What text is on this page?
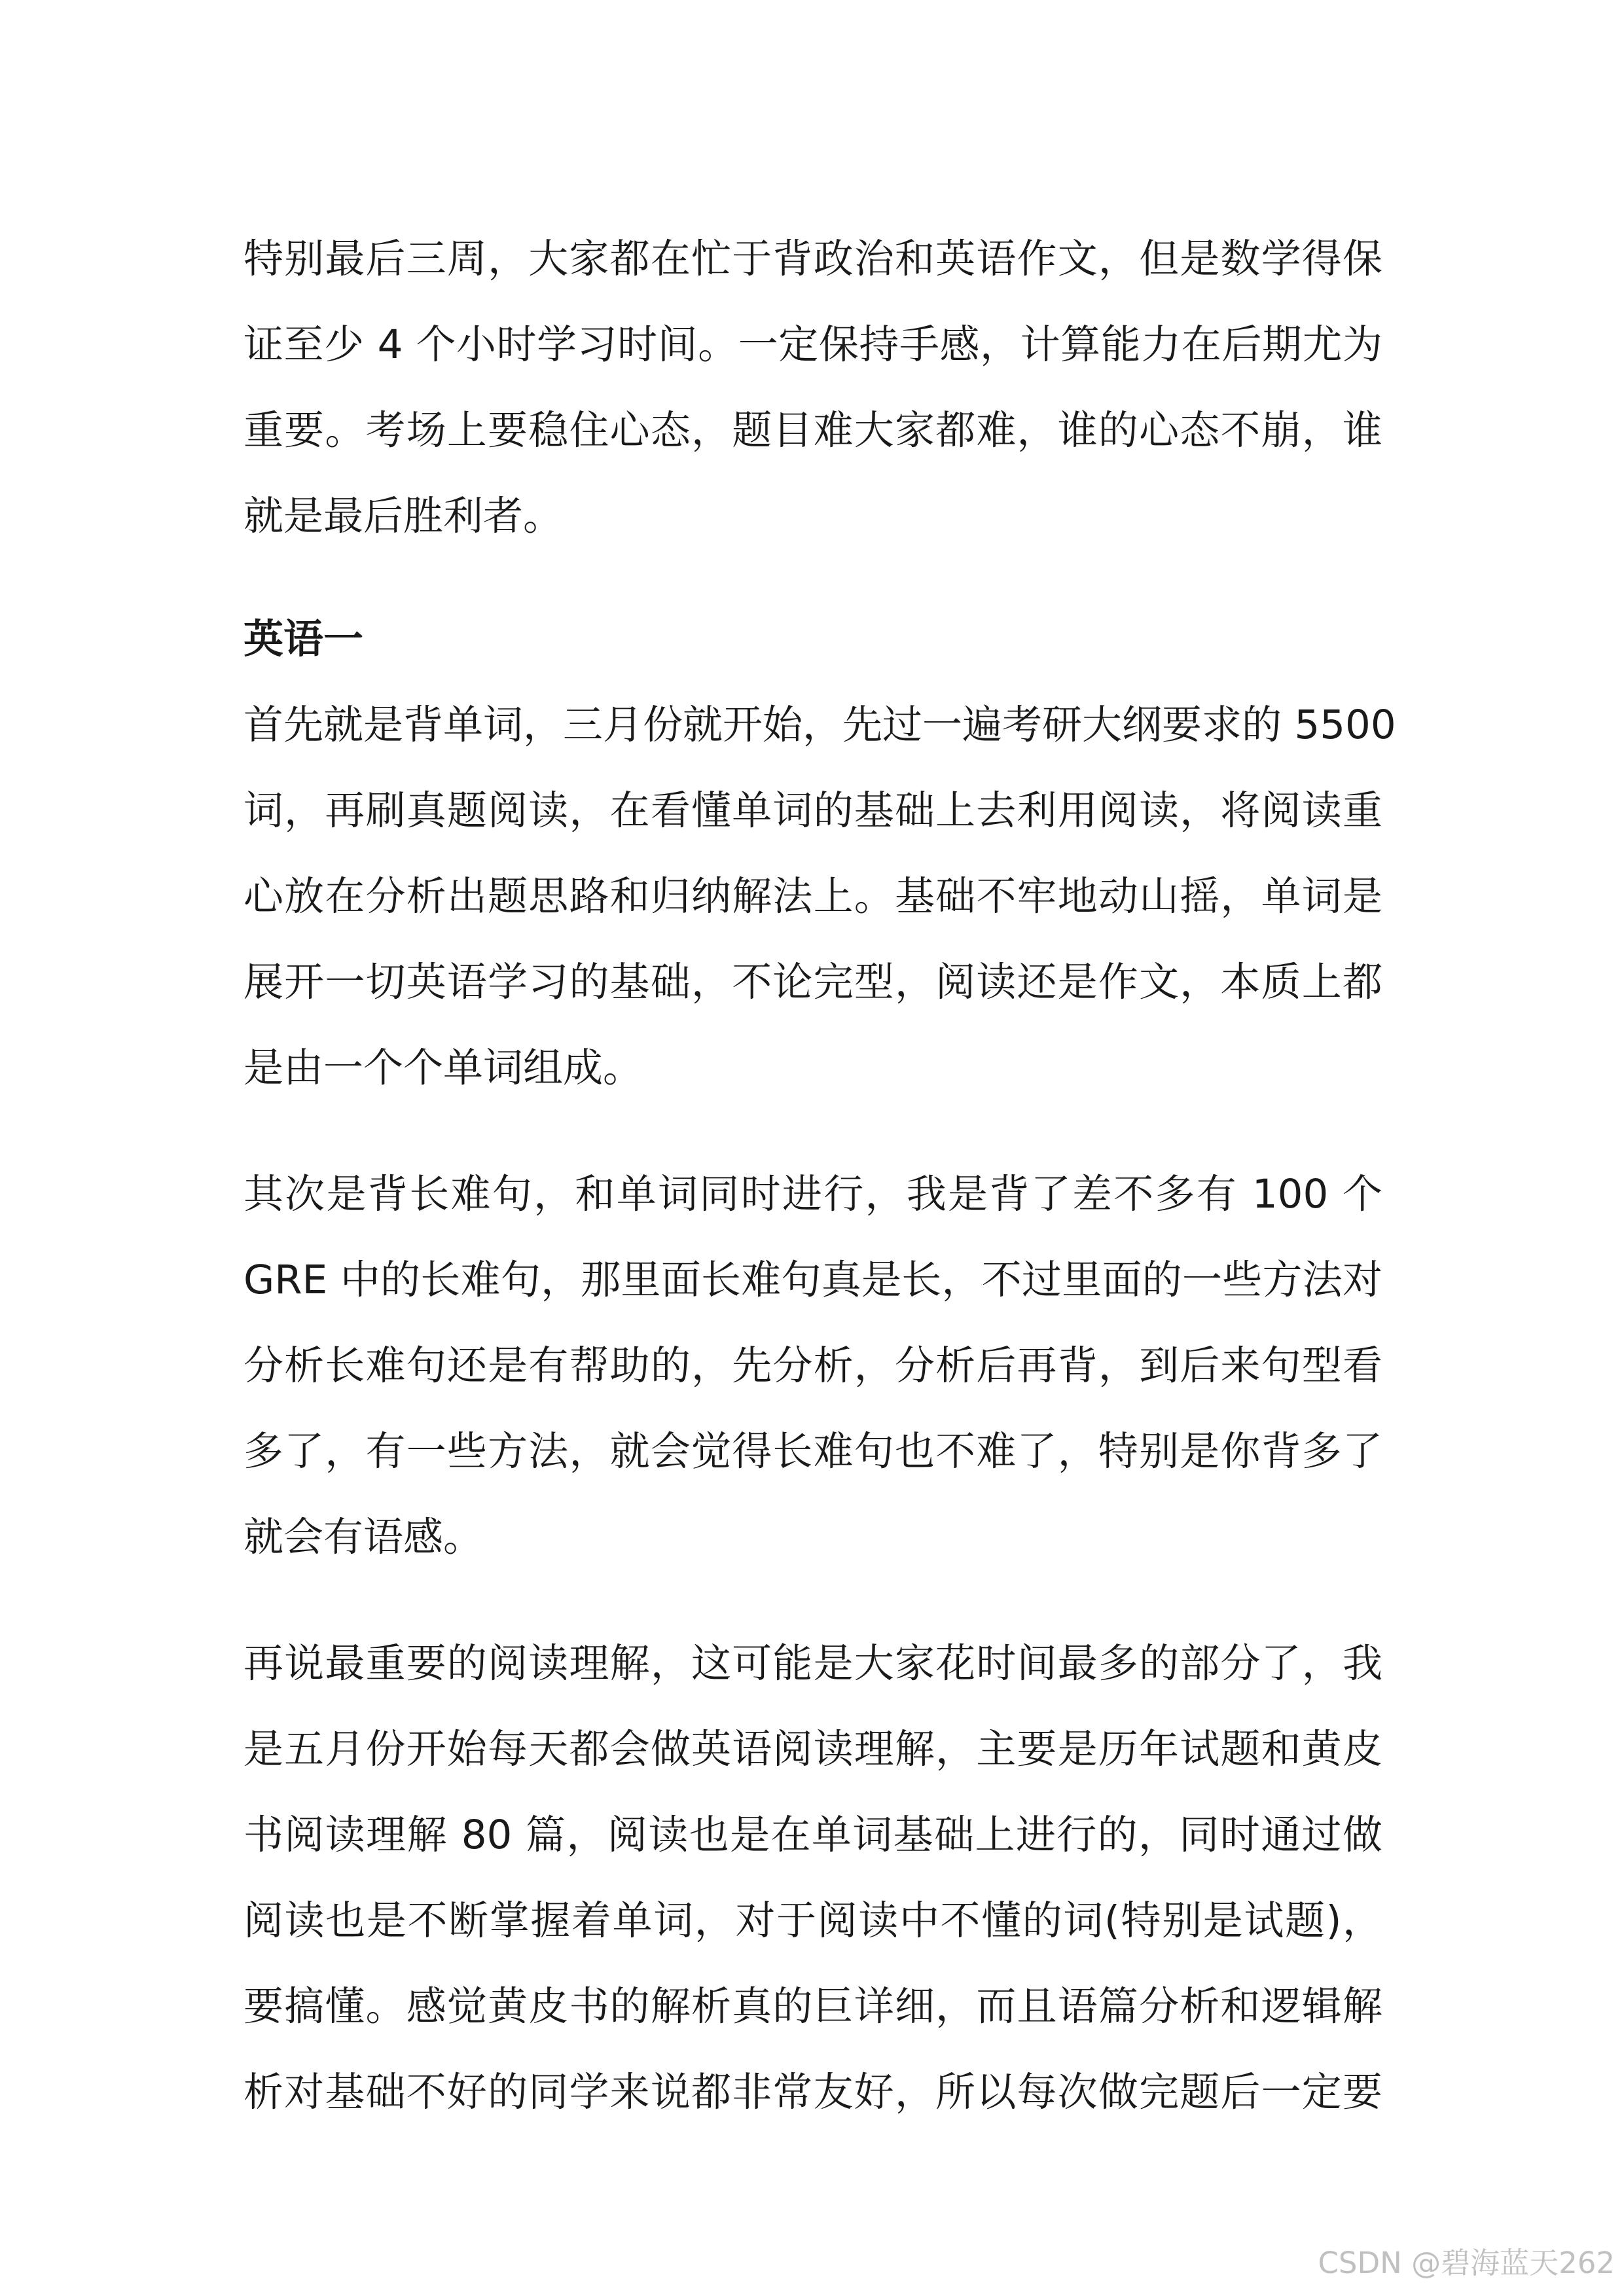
特别最后三周，大家都在忙于背政治和英语作文，但是数学得保
证至少 4 个小时学习时间。一定保持手感，计算能力在后期尤为
重要。考场上要稳住心态，题目难大家都难，谁的心态不崩，谁
就是最后胜利者。
英语一
首先就是背单词，三月份就开始，先过一遍考研大纲要求的 5500
词，再刷真题阅读，在看懂单词的基础上去利用阅读，将阅读重
心放在分析出题思路和归纳解法上。基础不牢地动山摇，单词是
展开一切英语学习的基础，不论完型，阅读还是作文，本质上都
是由一个个单词组成。
其次是背长难句，和单词同时进行，我是背了差不多有 100 个
GRE 中的长难句，那里面长难句真是长，不过里面的一些方法对
分析长难句还是有帮助的，先分析，分析后再背，到后来句型看
多了，有一些方法，就会觉得长难句也不难了，特别是你背多了
就会有语感。
再说最重要的阅读理解，这可能是大家花时间最多的部分了，我
是五月份开始每天都会做英语阅读理解，主要是历年试题和黄皮
书阅读理解 80 篇，阅读也是在单词基础上进行的，同时通过做
阅读也是不断掌握着单词，对于阅读中不懂的词(特别是试题)，
要搞懂。感觉黄皮书的解析真的巨详细，而且语篇分析和逻辑解
析对基础不好的同学来说都非常友好，所以每次做完题后一定要
CSDN @碧海蓝天262
